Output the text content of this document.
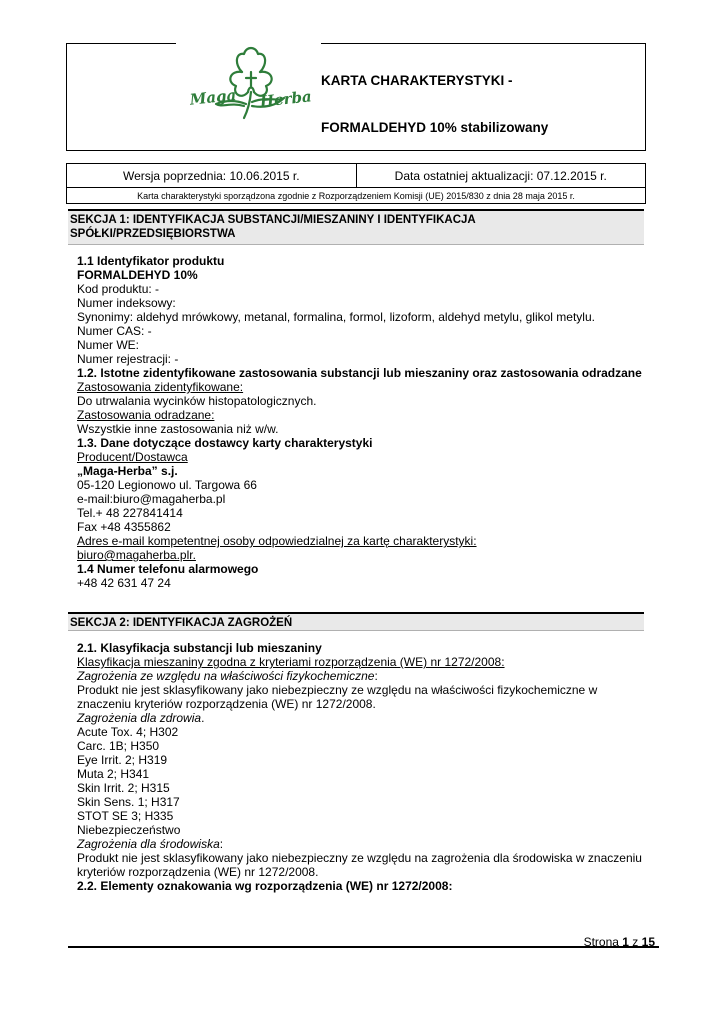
Maga Herba
KARTA CHARAKTERYSTYKI -
FORMALDEHYD 10% stabilizowany
Wersja poprzednia: 10.06.2015 r.	Data ostatniej aktualizacji: 07.12.2015 r.
Karta charakterystyki sporządzona zgodnie z Rozporządzeniem Komisji (UE) 2015/830 z dnia 28 maja 2015 r.
SEKCJA 1: IDENTYFIKACJA SUBSTANCJI/MIESZANINY I IDENTYFIKACJA
SPÓŁKI/PRZEDSIĘBIORSTWA
1.1 Identyfikator produktu
FORMALDEHYD 10%
Kod produktu: -
Numer indeksowy:
Synonimy: aldehyd mrówkowy, metanal, formalina, formol, lizoform, aldehyd metylu, glikol metylu.
Numer CAS: -
Numer WE:
Numer rejestracji: -
1.2. Istotne zidentyfikowane zastosowania substancji lub mieszaniny oraz zastosowania odradzane
Zastosowania zidentyfikowane:
Do utrwalania wycinków histopatologicznych.
Zastosowania odradzane:
Wszystkie inne zastosowania niż w/w.
1.3. Dane dotyczące dostawcy karty charakterystyki
Producent/Dostawca
„Maga-Herba” s.j.
05-120 Legionowo ul. Targowa 66
e-mail:biuro@magaherba.pl
Tel.+ 48 227841414
Fax +48 4355862
Adres e-mail kompetentnej osoby odpowiedzialnej za kartę charakterystyki:
biuro@magaherba.plr.
1.4 Numer telefonu alarmowego
+48 42 631 47 24
SEKCJA 2: IDENTYFIKACJA ZAGROŻEŃ
2.1. Klasyfikacja substancji lub mieszaniny
Klasyfikacja mieszaniny zgodna z kryteriami rozporządzenia (WE) nr 1272/2008:
Zagrożenia ze względu na właściwości fizykochemiczne:
Produkt nie jest sklasyfikowany jako niebezpieczny ze względu na właściwości fizykochemiczne w znaczeniu kryteriów rozporządzenia (WE) nr 1272/2008.
Zagrożenia dla zdrowia.
Acute Tox. 4; H302
Carc. 1B; H350
Eye Irrit. 2; H319
Muta 2; H341
Skin Irrit. 2; H315
Skin Sens. 1; H317
STOT SE 3; H335
Niebezpieczeństwo
Zagrożenia dla środowiska:
Produkt nie jest sklasyfikowany jako niebezpieczny ze względu na zagrożenia dla środowiska w znaczeniu kryteriów rozporządzenia (WE) nr 1272/2008.
2.2. Elementy oznakowania wg rozporządzenia (WE) nr 1272/2008:
Strona 1 z 15
